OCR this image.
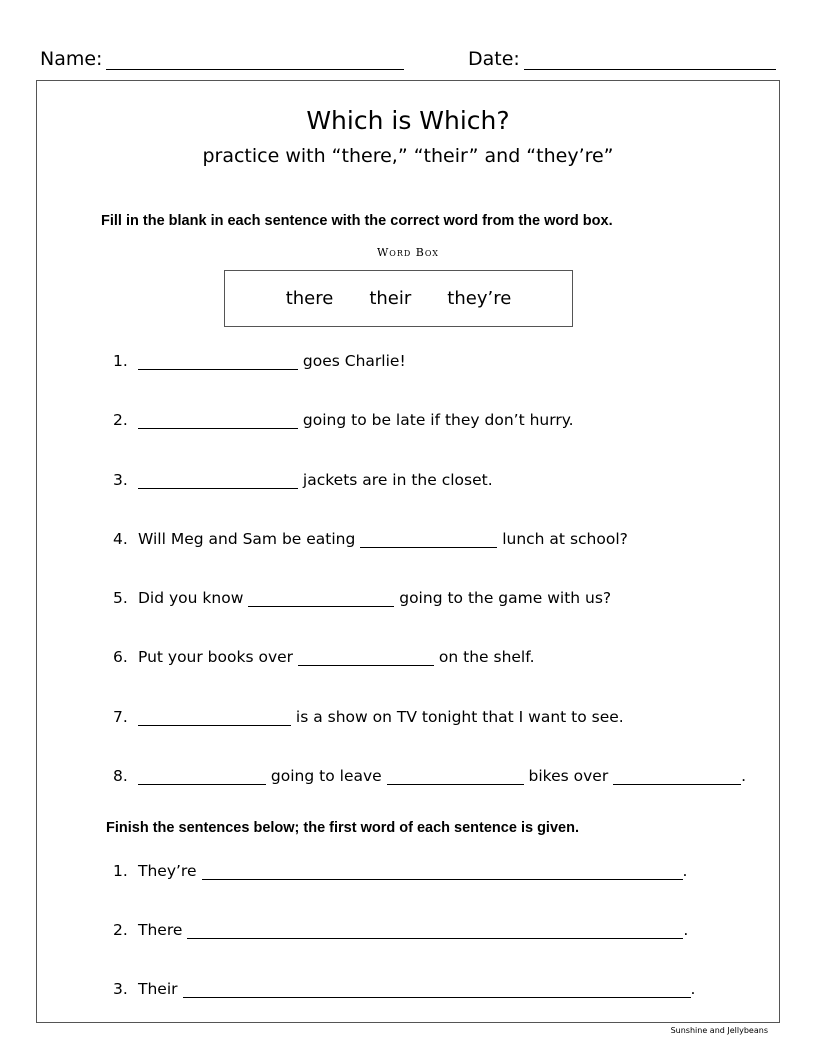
Name:	Date:
Which is Which?
practice with “there,” “their” and “they’re”
Fill in the blank in each sentence with the correct word from the word box.
Word Box
there their they’re
1.	goes Charlie!
2.	going to be late if they don’t hurry.
3.	jackets are in the closet.
4. Will Meg and Sam be eating	lunch at school?
5. Did you know	going to the game with us?
6. Put your books over	on the shelf.
7.	is a show on TV tonight that I want to see.
8.	going to leave	bikes over	.
Finish the sentences below; the first word of each sentence is given.
1. They’re	.
2. There	.
3. Their	.
Sunshine and Jellybeans
